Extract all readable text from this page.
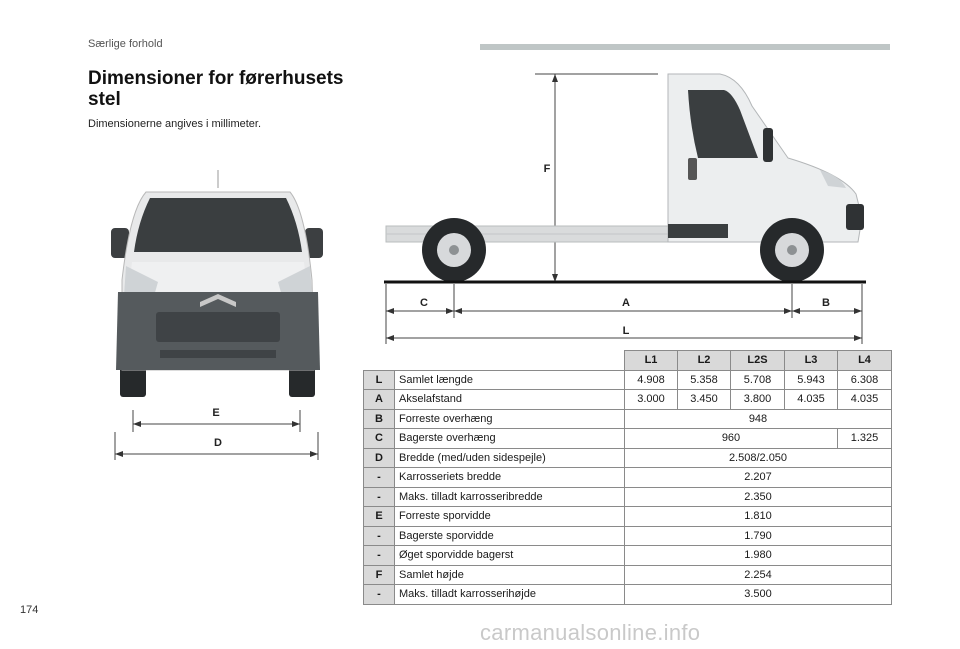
Særlige forhold
Dimensioner for førerhusets stel
Dimensionerne angives i millimeter.
E
D
F
C	A	B
L
		L1	L2	L2S	L3	L4
L	Samlet længde	4.908	5.358	5.708	5.943	6.308
A	Akselafstand	3.000	3.450	3.800	4.035	4.035
B	Forreste overhæng	948				
C	Bagerste overhæng	960				1.325
D	Bredde (med/uden sidespejle)	2.508/2.050				
-	Karrosseriets bredde	2.207				
-	Maks. tilladt karrosseribredde	2.350				
E	Forreste sporvidde	1.810				
-	Bagerste sporvidde	1.790				
-	Øget sporvidde bagerst	1.980				
F	Samlet højde	2.254				
-	Maks. tilladt karrosserihøjde	3.500				
174
carmanualsonline.info
